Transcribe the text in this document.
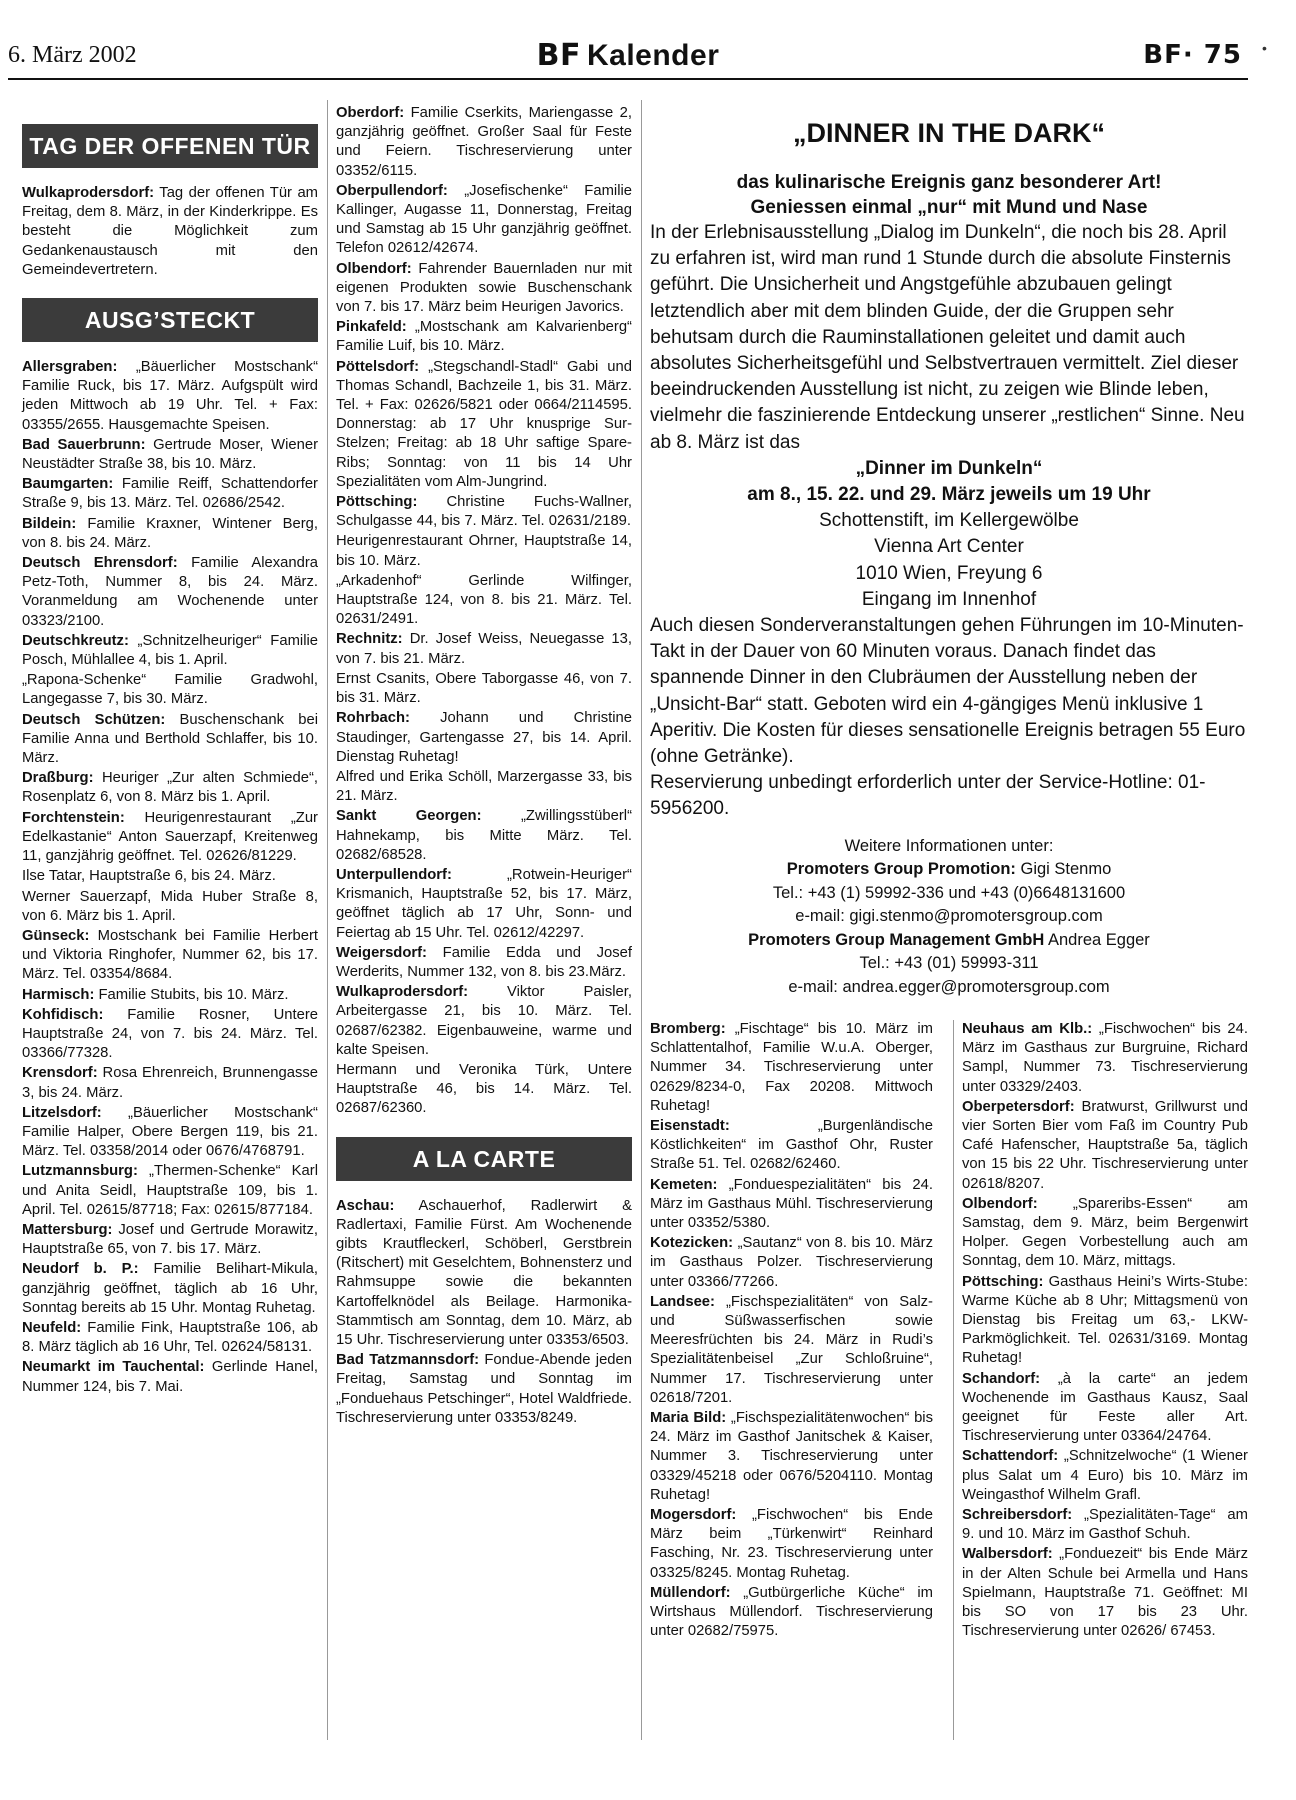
6. März 2002	BF Kalender	BF· 75
TAG DER OFFENEN TÜR

Wulkaprodersdorf: Tag der offenen Tür am Freitag, dem 8. März, in der Kinderkrippe. Es besteht die Möglichkeit zum Gedankenaustausch mit den Gemeindevertretern.

AUSG’STECKT

Allersgraben: „Bäuerlicher Mostschank“ Familie Ruck, bis 17. März. Aufgspült wird jeden Mittwoch ab 19 Uhr. Tel. + Fax: 03355/2655. Hausgemachte Speisen.

Bad Sauerbrunn: Gertrude Moser, Wiener Neustädter Straße 38, bis 10. März.

Baumgarten: Familie Reiff, Schattendorfer Straße 9, bis 13. März. Tel. 02686/2542.

Bildein: Familie Kraxner, Wintener Berg, von 8. bis 24. März.

Deutsch Ehrensdorf: Familie Alexandra Petz-Toth, Nummer 8, bis 24. März. Voranmeldung am Wochenende unter 03323/2100.

Deutschkreutz: „Schnitzelheuriger“ Familie Posch, Mühlallee 4, bis 1. April.

„Rapona-Schenke“ Familie Gradwohl, Langegasse 7, bis 30. März.

Deutsch Schützen: Buschenschank bei Familie Anna und Berthold Schlaffer, bis 10. März.

Draßburg: Heuriger „Zur alten Schmiede“, Rosenplatz 6, von 8. März bis 1. April.

Forchtenstein: Heurigenrestaurant „Zur Edelkastanie“ Anton Sauerzapf, Kreitenweg 11, ganzjährig geöffnet. Tel. 02626/81229.

Ilse Tatar, Hauptstraße 6, bis 24. März.

Werner Sauerzapf, Mida Huber Straße 8, von 6. März bis 1. April.

Günseck: Mostschank bei Familie Herbert und Viktoria Ringhofer, Nummer 62, bis 17. März. Tel. 03354/8684.

Harmisch: Familie Stubits, bis 10. März.

Kohfidisch: Familie Rosner, Untere Hauptstraße 24, von 7. bis 24. März. Tel. 03366/77328.

Krensdorf: Rosa Ehrenreich, Brunnengasse 3, bis 24. März.

Litzelsdorf: „Bäuerlicher Mostschank“ Familie Halper, Obere Bergen 119, bis 21. März. Tel. 03358/2014 oder 0676/4768791.

Lutzmannsburg: „Thermen-Schenke“ Karl und Anita Seidl, Hauptstraße 109, bis 1. April. Tel. 02615/87718; Fax: 02615/877184.

Mattersburg: Josef und Gertrude Morawitz, Hauptstraße 65, von 7. bis 17. März.

Neudorf b. P.: Familie Belihart-Mikula, ganzjährig geöffnet, täglich ab 16 Uhr, Sonntag bereits ab 15 Uhr. Montag Ruhetag.

Neufeld: Familie Fink, Hauptstraße 106, ab 8. März täglich ab 16 Uhr, Tel. 02624/58131.

Neumarkt im Tauchental: Gerlinde Hanel, Nummer 124, bis 7. Mai.

Oberdorf: Familie Cserkits, Mariengasse 2, ganzjährig geöffnet. Großer Saal für Feste und Feiern. Tischreservierung unter 03352/6115.

Oberpullendorf: „Josefischenke“ Familie Kallinger, Augasse 11, Donnerstag, Freitag und Samstag ab 15 Uhr ganzjährig geöffnet. Telefon 02612/42674.

Olbendorf: Fahrender Bauernladen nur mit eigenen Produkten sowie Buschenschank von 7. bis 17. März beim Heurigen Javorics.

Pinkafeld: „Mostschank am Kalvarienberg“ Familie Luif, bis 10. März.

Pöttelsdorf: „Stegschandl-Stadl“ Gabi und Thomas Schandl, Bachzeile 1, bis 31. März. Tel. + Fax: 02626/5821 oder 0664/2114595. Donnerstag: ab 17 Uhr knusprige Sur-Stelzen; Freitag: ab 18 Uhr saftige Spare-Ribs; Sonntag: von 11 bis 14 Uhr Spezialitäten vom Alm-Jungrind.

Pöttsching: Christine Fuchs-Wallner, Schulgasse 44, bis 7. März. Tel. 02631/2189.

Heurigenrestaurant Ohrner, Hauptstraße 14, bis 10. März.

„Arkadenhof“ Gerlinde Wilfinger, Hauptstraße 124, von 8. bis 21. März. Tel. 02631/2491.

Rechnitz: Dr. Josef Weiss, Neuegasse 13, von 7. bis 21. März.

Ernst Csanits, Obere Taborgasse 46, von 7. bis 31. März.

Rohrbach: Johann und Christine Staudinger, Gartengasse 27, bis 14. April. Dienstag Ruhetag!

Alfred und Erika Schöll, Marzergasse 33, bis 21. März.

Sankt Georgen:	„Zwillingsstüberl“ Hahnekamp, bis Mitte März. Tel. 02682/68528.

Unterpullendorf:	„Rotwein-Heuriger“ Krismanich, Hauptstraße 52, bis 17. März, geöffnet täglich ab 17 Uhr, Sonn- und Feiertag ab 15 Uhr. Tel. 02612/42297.

Weigersdorf: Familie Edda und Josef Werderits, Nummer 132, von 8. bis 23.März.

Wulkaprodersdorf:	Viktor Paisler, Arbeitergasse 21, bis 10. März. Tel. 02687/62382. Eigenbauweine, warme und kalte Speisen.

Hermann und Veronika Türk, Untere Hauptstraße 46, bis 14. März. Tel. 02687/62360.

A LA CARTE

Aschau: Aschauerhof, Radlerwirt & Radlertaxi, Familie Fürst. Am Wochenende gibts Krautfleckerl, Schöberl, Gerstbrein (Ritschert) mit Geselchtem, Bohnensterz und Rahmsuppe sowie die bekannten Kartoffelknödel als Beilage. Harmonika-Stammtisch am Sonntag, dem 10. März, ab 15 Uhr. Tischreservierung unter 03353/6503.

Bad Tatzmannsdorf: Fondue-Abende jeden Freitag, Samstag und Sonntag im „Fonduehaus Petschinger“, Hotel Waldfriede. Tischreservierung unter 03353/8249.

„DINNER IN THE DARK“
das kulinarische Ereignis ganz besonderer Art!
Geniessen einmal „nur“ mit Mund und Nase

In der Erlebnisausstellung „Dialog im Dunkeln“, die noch bis 28. April zu erfahren ist, wird man rund 1 Stunde durch die absolute Finsternis geführt. Die Unsicherheit und Angstgefühle abzubauen gelingt letztendlich aber mit dem blinden Guide, der die Gruppen sehr behutsam durch die Rauminstallationen geleitet und damit auch absolutes Sicherheitsgefühl und Selbstvertrauen vermittelt. Ziel dieser beeindruckenden Ausstellung ist nicht, zu zeigen wie Blinde leben, vielmehr die faszinierende Entdeckung unserer „restlichen“ Sinne. Neu ab 8. März ist das

„Dinner im Dunkeln“

am 8., 15. 22. und 29. März jeweils um 19 Uhr

Schottenstift, im Kellergewölbe

Vienna Art Center

1010 Wien, Freyung 6

Eingang im Innenhof

Auch diesen Sonderveranstaltungen gehen Führungen im 10-Minuten-Takt in der Dauer von 60 Minuten voraus. Danach findet das spannende Dinner in den Clubräumen der Ausstellung neben der „Unsicht-Bar“ statt. Geboten wird ein 4-gängiges Menü inklusive 1 Aperitiv. Die Kosten für dieses sensationelle Ereignis betragen 55 Euro (ohne Getränke).

Reservierung unbedingt erforderlich unter der Service-Hotline: 01-5956200.

Weitere Informationen unter:
Promoters Group Promotion: Gigi Stenmo
Tel.: +43 (1) 59992-336 und +43 (0)6648131600
e-mail: gigi.stenmo@promotersgroup.com
Promoters Group Management GmbH Andrea Egger
Tel.: +43 (01) 59993-311
e-mail: andrea.egger@promotersgroup.com

Bromberg: „Fischtage“ bis 10. März im Schlattentalhof, Familie W.u.A. Oberger, Nummer 34. Tischreservierung unter 02629/8234-0, Fax 20208. Mittwoch Ruhetag!

Eisenstadt:	„Burgenländische Köstlichkeiten“ im Gasthof Ohr, Ruster Straße 51. Tel. 02682/62460.

Kemeten: „Fonduespezialitäten“ bis 24. März im Gasthaus Mühl. Tischreservierung unter 03352/5380.

Kotezicken: „Sautanz“ von 8. bis 10. März im Gasthaus Polzer. Tischreservierung unter 03366/77266.

Landsee: „Fischspezialitäten“ von Salz- und Süßwasserfischen sowie Meeresfrüchten bis 24. März in Rudi’s Spezialitätenbeisel „Zur Schloßruine“, Nummer 17. Tischreservierung unter 02618/7201.

Maria Bild: „Fischspezialitätenwochen“ bis 24. März im Gasthof Janitschek & Kaiser, Nummer 3. Tischreservierung unter 03329/45218 oder 0676/5204110. Montag Ruhetag!

Mogersdorf: „Fischwochen“ bis Ende März beim „Türkenwirt“ Reinhard Fasching, Nr. 23. Tischreservierung unter 03325/8245. Montag Ruhetag.

Müllendorf: „Gutbürgerliche Küche“ im Wirtshaus Müllendorf. Tischreservierung unter 02682/75975.

Neuhaus am Klb.: „Fischwochen“ bis 24. März im Gasthaus zur Burgruine, Richard Sampl, Nummer 73. Tischreservierung unter 03329/2403.

Oberpetersdorf: Bratwurst, Grillwurst und vier Sorten Bier vom Faß im Country Pub Café Hafenscher, Hauptstraße 5a, täglich von 15 bis 22 Uhr. Tischreservierung unter 02618/8207.

Olbendorf: „Spareribs-Essen“ am Samstag, dem 9. März, beim Bergenwirt Holper. Gegen Vorbestellung auch am Sonntag, dem 10. März, mittags.

Pöttsching: Gasthaus Heini’s Wirts-Stube: Warme Küche ab 8 Uhr; Mittagsmenü von Dienstag bis Freitag um 63,- LKW-Parkmöglichkeit. Tel. 02631/3169. Montag Ruhetag!

Schandorf: „à la carte“ an jedem Wochenende im Gasthaus Kausz, Saal geeignet für Feste aller Art. Tischreservierung unter 03364/24764.

Schattendorf: „Schnitzelwoche“ (1 Wiener plus Salat um 4 Euro) bis 10. März im Weingasthof Wilhelm Grafl.

Schreibersdorf: „Spezialitäten-Tage“ am 9. und 10. März im Gasthof Schuh.

Walbersdorf: „Fonduezeit“ bis Ende März in der Alten Schule bei Armella und Hans Spielmann, Hauptstraße 71. Geöffnet: MI bis SO von 17 bis 23 Uhr. Tischreservierung unter 02626/ 67453.

•
